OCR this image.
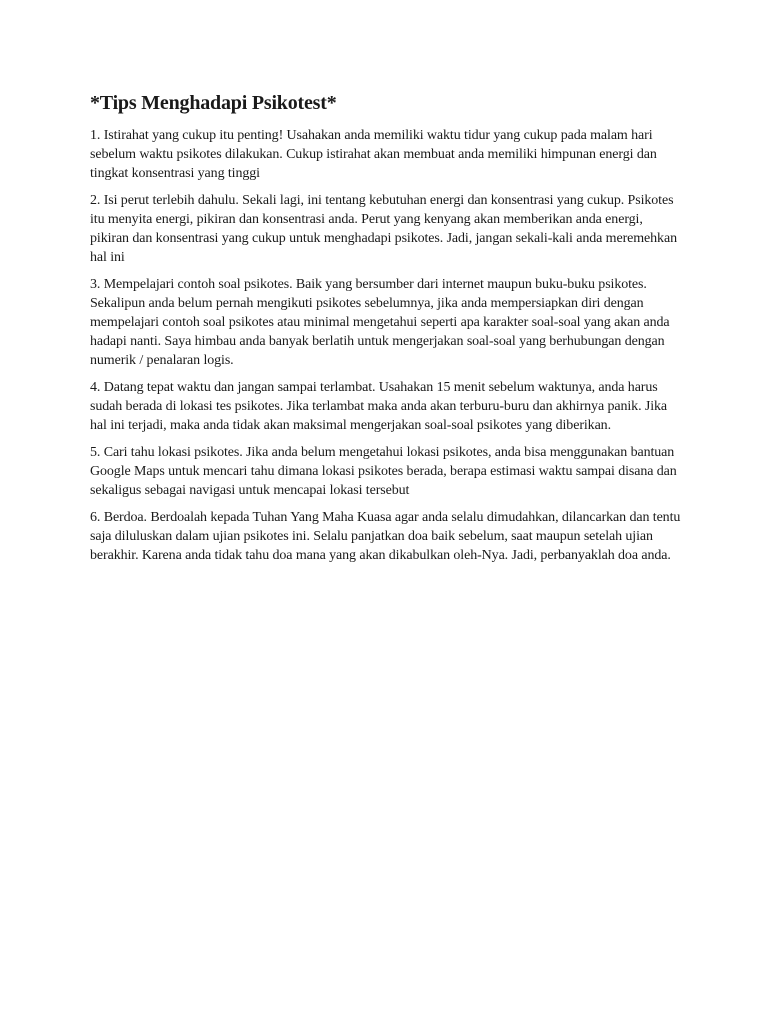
*Tips Menghadapi Psikotest*

1. Istirahat yang cukup itu penting! Usahakan anda memiliki waktu tidur yang cukup pada malam hari sebelum waktu psikotes dilakukan. Cukup istirahat akan membuat anda memiliki himpunan energi dan tingkat konsentrasi yang tinggi

2. Isi perut terlebih dahulu. Sekali lagi, ini tentang kebutuhan energi dan konsentrasi yang cukup. Psikotes itu menyita energi, pikiran dan konsentrasi anda. Perut yang kenyang akan memberikan anda energi, pikiran dan konsentrasi yang cukup untuk menghadapi psikotes. Jadi, jangan sekali-kali anda meremehkan hal ini

3. Mempelajari contoh soal psikotes. Baik yang bersumber dari internet maupun buku-buku psikotes. Sekalipun anda belum pernah mengikuti psikotes sebelumnya, jika anda mempersiapkan diri dengan mempelajari contoh soal psikotes atau minimal mengetahui seperti apa karakter soal-soal yang akan anda hadapi nanti. Saya himbau anda banyak berlatih untuk mengerjakan soal-soal yang berhubungan dengan numerik / penalaran logis.

4. Datang tepat waktu dan jangan sampai terlambat. Usahakan 15 menit sebelum waktunya, anda harus sudah berada di lokasi tes psikotes. Jika terlambat maka anda akan terburu-buru dan akhirnya panik. Jika hal ini terjadi, maka anda tidak akan maksimal mengerjakan soal-soal psikotes yang diberikan.

5. Cari tahu lokasi psikotes. Jika anda belum mengetahui lokasi psikotes, anda bisa menggunakan bantuan Google Maps untuk mencari tahu dimana lokasi psikotes berada, berapa estimasi waktu sampai disana dan sekaligus sebagai navigasi untuk mencapai lokasi tersebut

6. Berdoa. Berdoalah kepada Tuhan Yang Maha Kuasa agar anda selalu dimudahkan, dilancarkan dan tentu saja diluluskan dalam ujian psikotes ini. Selalu panjatkan doa baik sebelum, saat maupun setelah ujian berakhir. Karena anda tidak tahu doa mana yang akan dikabulkan oleh-Nya. Jadi, perbanyaklah doa anda.
